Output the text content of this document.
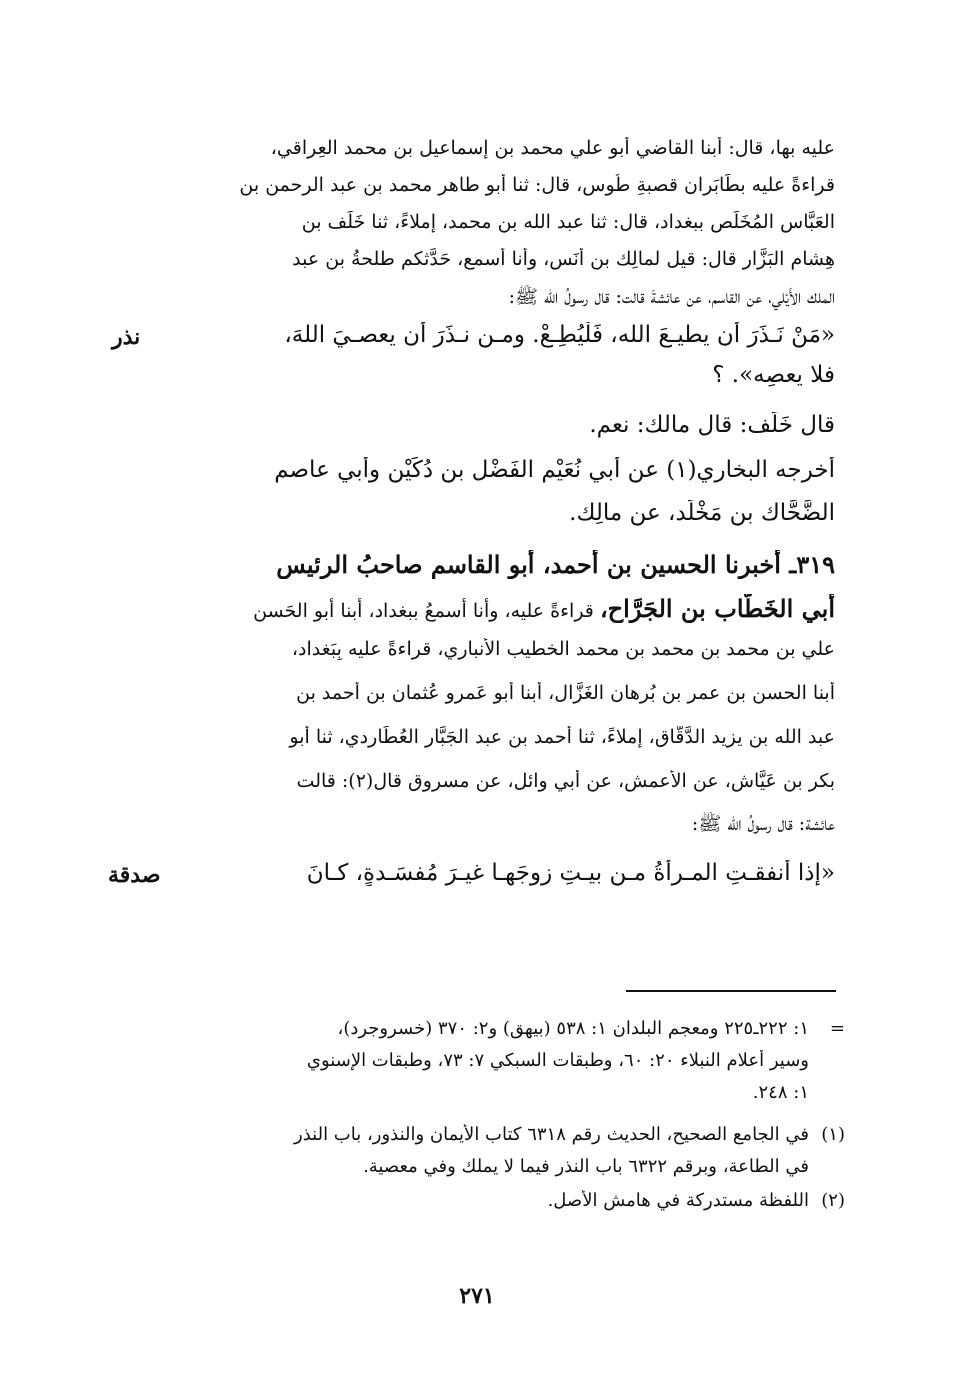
عليه بها، قال: أبنا القاضي أبو علي محمد بن إسماعيل بن محمد العِراقي،
قراءةً عليه بطَابَران قصبةِ طُوس، قال: ثنا أبو طاهر محمد بن عبد الرحمن بن
العَبَّاس المُخَلِّص ببغداد، قال: ثنا عبد الله بن محمد، إملاءً، ثنا خَلَف بن
هِشام البَزَّار قال: قيل لمالِك بن أَنَس، وأنا أسمع، حَدَّثكم طلحةُ بن عبد
الملك الأَيْلي، عن القاسم، عن عائشةَ قالت: قال رسولُ الله ﷺ:
«مَنْ نَـذَرَ أن يطيـعَ الله، فَلْيُطِـعْ. ومـن نـذَرَ أن يعصـيَ اللهَ،
فلا يعصِه». ؟
نذر
قال خَلَف: قال مالك: نعم.
أخرجه البخاري(١) عن أبي نُعَيْم الفَضْل بن دُكَيْن وأبي عاصم
الضَّحَّاك بن مَخْلَد، عن مالِك.
٣١٩ـ أخبرنا الحسين بن أحمد، أبو القاسم صاحبُ الرئيسِ
أبي الخَطَّاب بن الجَرَّاح، قراءةً عليه، وأنا أسمعُ ببغداد، أبنا أبو الحَسن
علي بن محمد بن محمد بن محمد الخطيب الأنباري، قراءةً عليه بِبَغداد،
أبنا الحسن بن عمر بن بُرهان الغَزَّال، أبنا أبو عَمرو عُثمان بن أحمد بن
عبد الله بن يزيد الدَّقَّاق، إملاءً، ثنا أحمد بن عبد الجَبَّار العُطَاردي، ثنا أبو
بكر بن عَيَّاش، عن الأعمش، عن أبي وائل، عن مسروق قال(٢): قالت
عائشة: قال رسولُ الله ﷺ:
«إذا أنفقـتِ المـرأةُ مـن بيـتِ زوجَهـا غيـرَ مُفسَـدةٍ، كـانَ
صدقة
=١: ٢٢٢ـ٢٢٥ ومعجم البلدان ١: ٥٣٨ (بيهق) و٢: ٣٧٠ (خسروجرد)،
وسير أعلام النبلاء ٢٠: ٦٠، وطبقات السبكي ٧: ٧٣، وطبقات الإسنوي
١: ٢٤٨.
(١)في الجامع الصحيح، الحديث رقم ٦٣١٨ كتاب الأيمان والنذور، باب النذر
في الطاعة، وبرقم ٦٣٢٢ باب النذر فيما لا يملك وفي معصية.
(٢)اللفظة مستدركة في هامش الأصل.
٢٧١
